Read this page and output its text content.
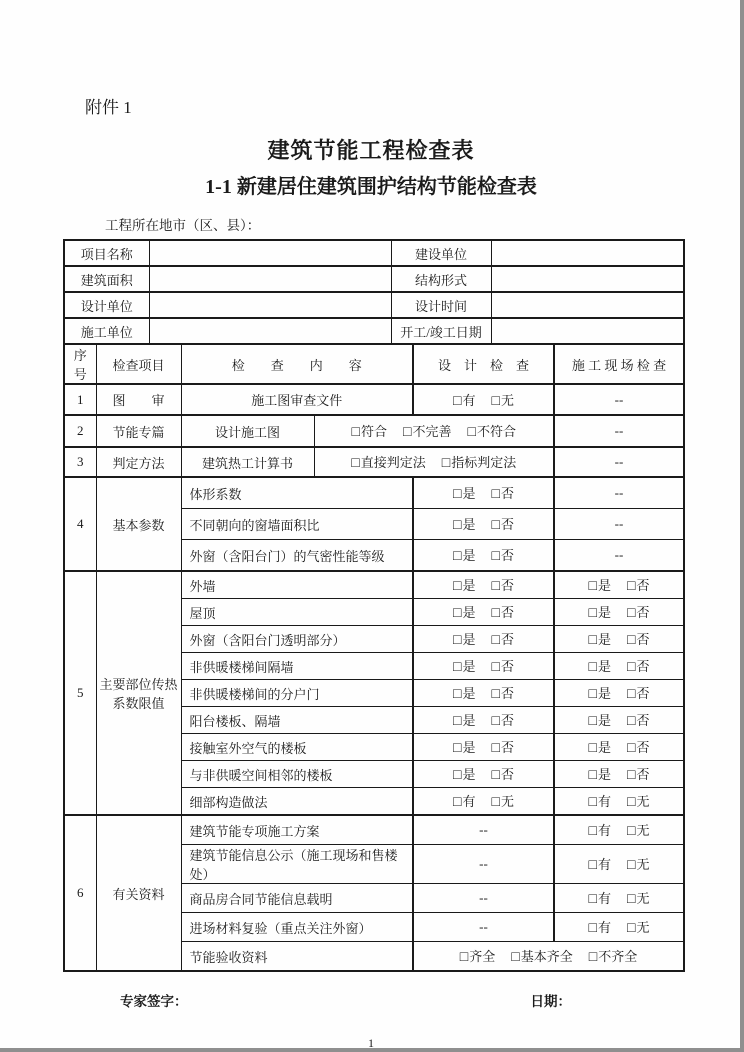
附件 1
建筑节能工程检查表
1-1 新建居住建筑围护结构节能检查表
工程所在地市（区、县）：
项目名称		建设单位	
建筑面积		结构形式	
设计单位		设计时间	
施工单位		开工/竣工日期	
序号	检查项目	检　　查　　内　　容		设　计　检　查	施 工 现 场 检 查
1	图　　审	施工图审查文件		□有 □无	--
2	节能专篇	设计施工图	□符合 □不完善 □不符合		--
3	判定方法	建筑热工计算书	□直接判定法 □指标判定法		--
4	基本参数	体形系数		□是 □否	--
		不同朝向的窗墙面积比		□是 □否	--
		外窗（含阳台门）的气密性能等级		□是 □否	--
5	主要部位传热系数限值	外墙		□是 □否	□是 □否
		屋顶		□是 □否	□是 □否
		外窗（含阳台门透明部分）		□是 □否	□是 □否
		非供暖楼梯间隔墙		□是 □否	□是 □否
		非供暖楼梯间的分户门		□是 □否	□是 □否
		阳台楼板、隔墙		□是 □否	□是 □否
		接触室外空气的楼板		□是 □否	□是 □否
		与非供暖空间相邻的楼板		□是 □否	□是 □否
		细部构造做法		□有 □无	□有 □无
6	有关资料	建筑节能专项施工方案		--	□有 □无
		建筑节能信息公示（施工现场和售楼处）		--	□有 □无
		商品房合同节能信息载明		--	□有 □无
		进场材料复验（重点关注外窗）		--	□有 □无
		节能验收资料		□齐全 □基本齐全 □不齐全	
专家签字：	日期：
1
